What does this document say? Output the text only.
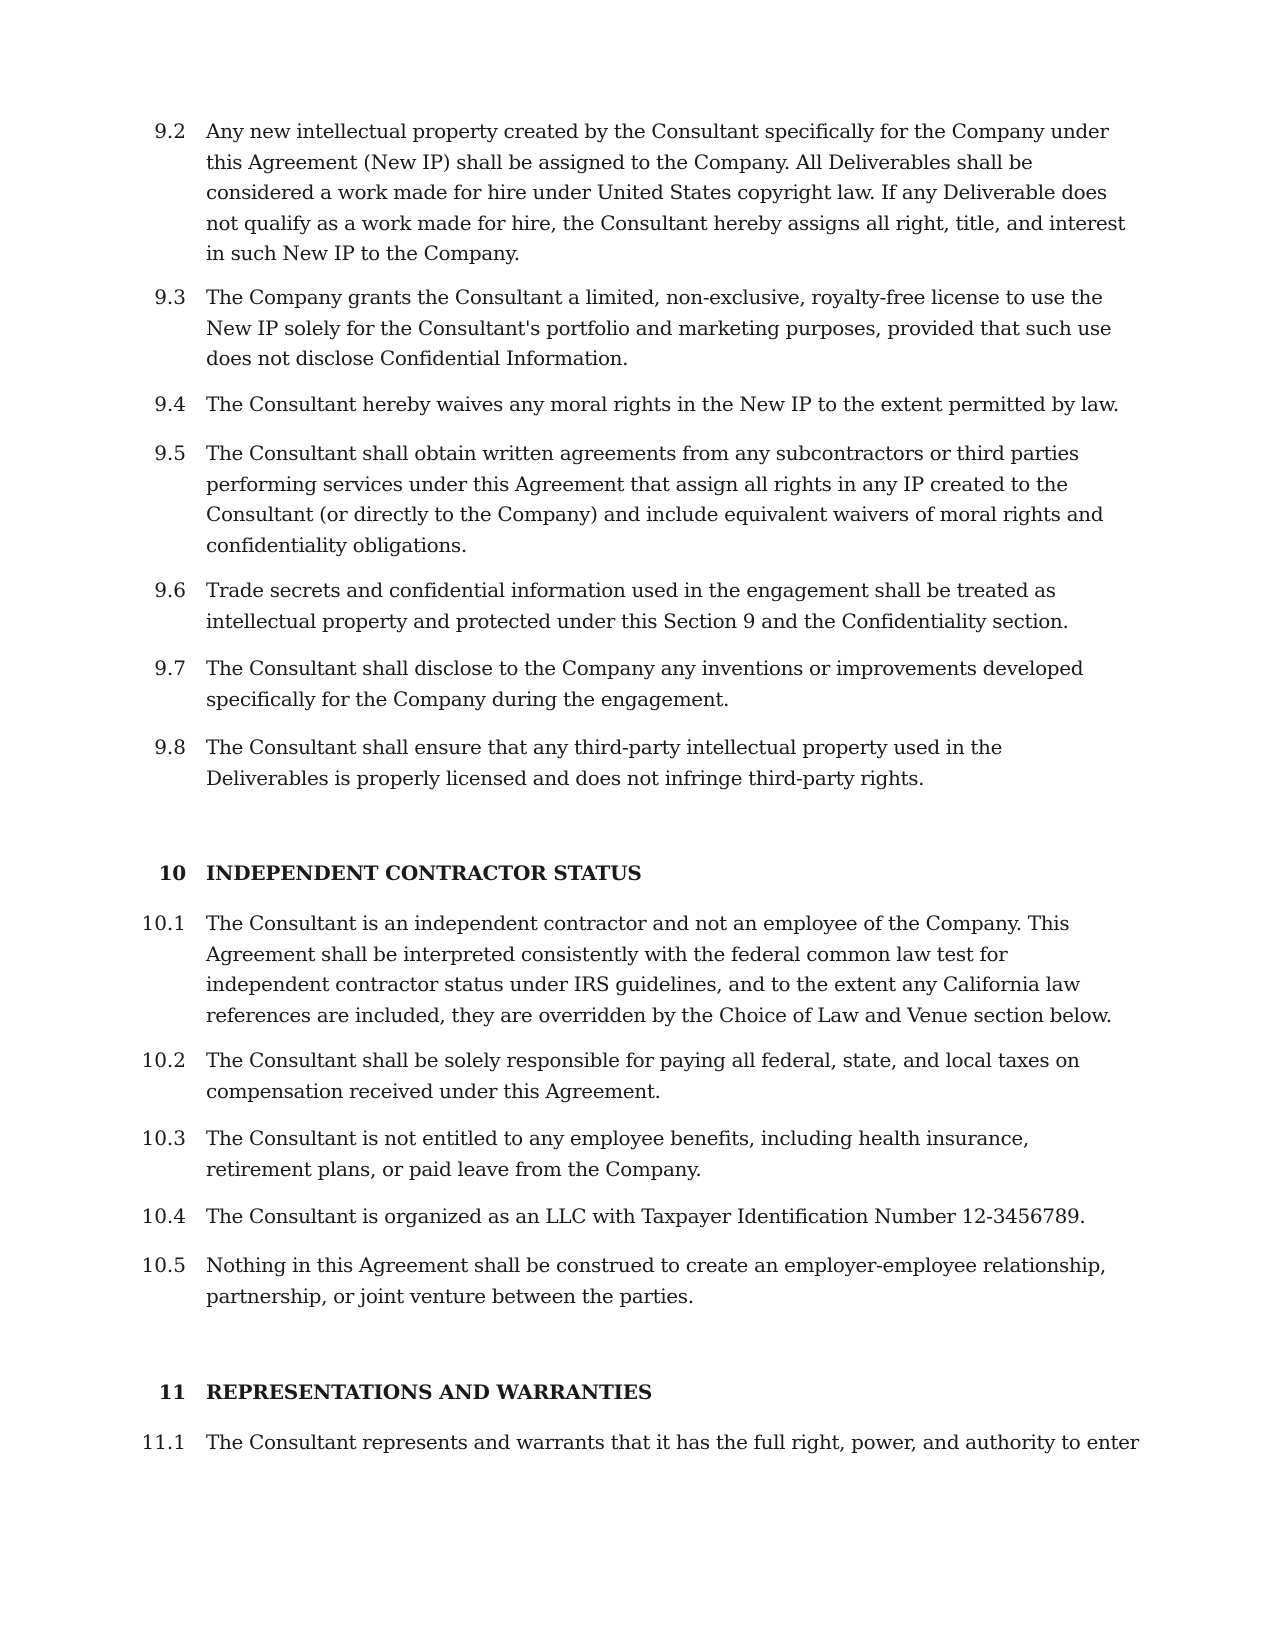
9.2 Any new intellectual property created by the Consultant specifically for the Company under this Agreement (New IP) shall be assigned to the Company. All Deliverables shall be considered a work made for hire under United States copyright law. If any Deliverable does not qualify as a work made for hire, the Consultant hereby assigns all right, title, and interest in such New IP to the Company.
9.3 The Company grants the Consultant a limited, non-exclusive, royalty-free license to use the New IP solely for the Consultant's portfolio and marketing purposes, provided that such use does not disclose Confidential Information.
9.4 The Consultant hereby waives any moral rights in the New IP to the extent permitted by law.
9.5 The Consultant shall obtain written agreements from any subcontractors or third parties performing services under this Agreement that assign all rights in any IP created to the Consultant (or directly to the Company) and include equivalent waivers of moral rights and confidentiality obligations.
9.6 Trade secrets and confidential information used in the engagement shall be treated as intellectual property and protected under this Section 9 and the Confidentiality section.
9.7 The Consultant shall disclose to the Company any inventions or improvements developed specifically for the Company during the engagement.
9.8 The Consultant shall ensure that any third-party intellectual property used in the Deliverables is properly licensed and does not infringe third-party rights.
10 INDEPENDENT CONTRACTOR STATUS
10.1 The Consultant is an independent contractor and not an employee of the Company. This Agreement shall be interpreted consistently with the federal common law test for independent contractor status under IRS guidelines, and to the extent any California law references are included, they are overridden by the Choice of Law and Venue section below.
10.2 The Consultant shall be solely responsible for paying all federal, state, and local taxes on compensation received under this Agreement.
10.3 The Consultant is not entitled to any employee benefits, including health insurance, retirement plans, or paid leave from the Company.
10.4 The Consultant is organized as an LLC with Taxpayer Identification Number 12-3456789.
10.5 Nothing in this Agreement shall be construed to create an employer-employee relationship, partnership, or joint venture between the parties.
11 REPRESENTATIONS AND WARRANTIES
11.1 The Consultant represents and warrants that it has the full right, power, and authority to enter
